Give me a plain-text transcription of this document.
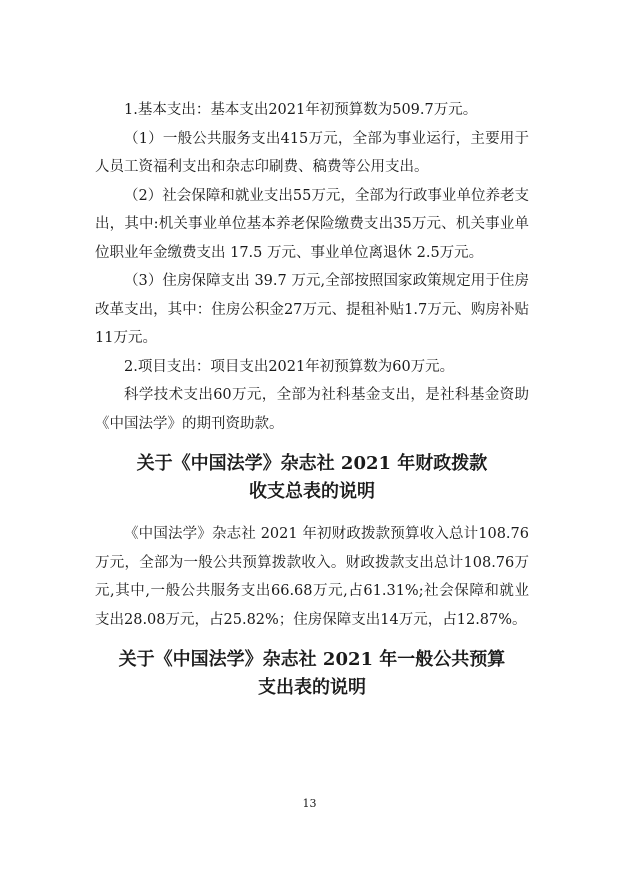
1.基本支出：基本支出2021年初预算数为509.7万元。

（1）一般公共服务支出415万元，全部为事业运行，主要用于人员工资福利支出和杂志印刷费、稿费等公用支出。

（2）社会保障和就业支出55万元，全部为行政事业单位养老支出，其中:机关事业单位基本养老保险缴费支出35万元、机关事业单位职业年金缴费支出 17.5 万元、事业单位离退休 2.5万元。

（3）住房保障支出 39.7 万元,全部按照国家政策规定用于住房改革支出，其中：住房公积金27万元、提租补贴1.7万元、购房补贴11万元。

2.项目支出：项目支出2021年初预算数为60万元。

科学技术支出60万元，全部为社科基金支出，是社科基金资助《中国法学》的期刊资助款。

关于《中国法学》杂志社 2021 年财政拨款
收支总表的说明

《中国法学》杂志社 2021 年初财政拨款预算收入总计108.76 万元，全部为一般公共预算拨款收入。财政拨款支出总计108.76万元,其中,一般公共服务支出66.68万元,占61.31%;社会保障和就业支出28.08万元，占25.82%；住房保障支出14万元，占12.87%。

关于《中国法学》杂志社 2021 年一般公共预算
支出表的说明
13
